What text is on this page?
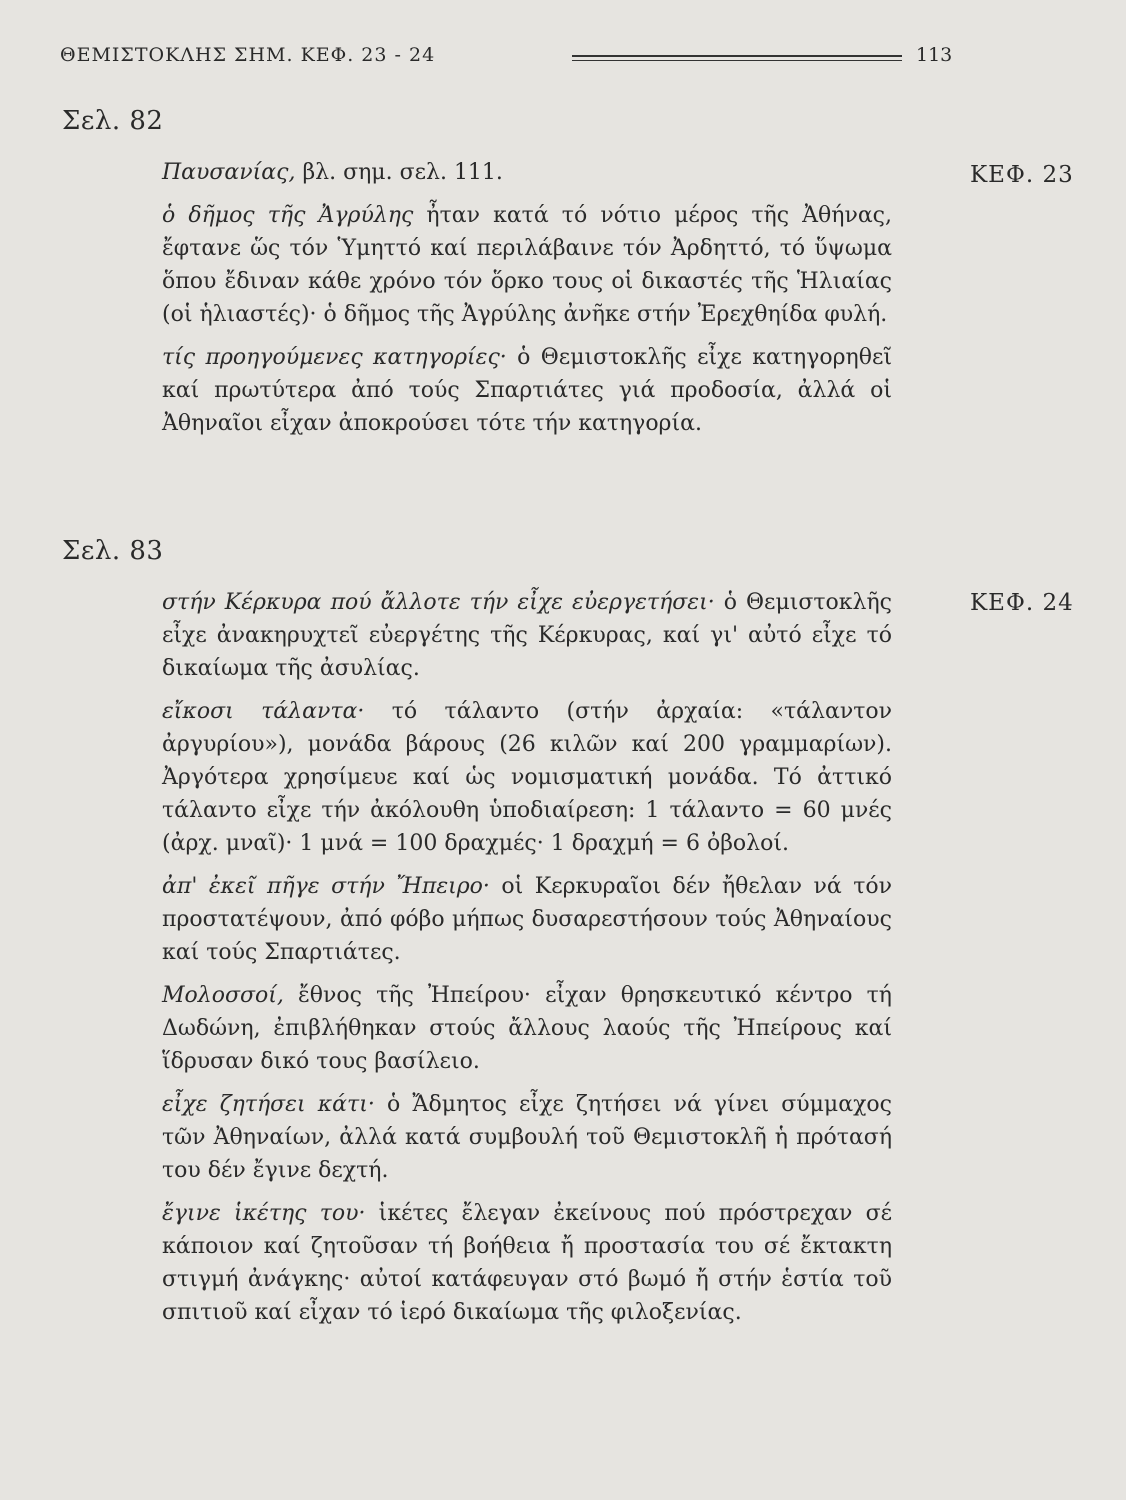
ΘΕΜΙΣΤΟΚΛΗΣ ΣΗΜ. ΚΕΦ. 23 - 24	113
Σελ. 82
ΚΕΦ. 23

Παυσανίας, βλ. σημ. σελ. 111.

ὁ δῆμος τῆς Ἀγρύλης ἦταν κατά τό νότιο μέρος τῆς Ἀθήνας, ἔφτανε ὥς τόν Ὑμηττό καί περιλάβαινε τόν Ἀρδηττό, τό ὕψωμα ὅπου ἔδιναν κάθε χρόνο τόν ὅρκο τους οἱ δικαστές τῆς Ἡλιαίας (οἱ ἡλιαστές)· ὁ δῆμος τῆς Ἀγρύλης ἀνῆκε στήν Ἐρεχθηίδα φυλή.

τίς προηγούμενες κατηγορίες· ὁ Θεμιστοκλῆς εἶχε κατηγορηθεῖ καί πρωτύτερα ἀπό τούς Σπαρτιάτες γιά προδοσία, ἀλλά οἱ Ἀθηναῖοι εἶχαν ἀποκρούσει τότε τήν κατηγορία.

Σελ. 83
ΚΕΦ. 24

στήν Κέρκυρα πού ἄλλοτε τήν εἶχε εὐεργετήσει· ὁ Θεμιστοκλῆς εἶχε ἀνακηρυχτεῖ εὐεργέτης τῆς Κέρκυρας, καί γι' αὐτό εἶχε τό δικαίωμα τῆς ἀσυλίας.

εἴκοσι τάλαντα· τό τάλαντο (στήν ἀρχαία: «τάλαντον ἀργυρίου»), μονάδα βάρους (26 κιλῶν καί 200 γραμμαρίων). Ἀργότερα χρησίμευε καί ὡς νομισματική μονάδα. Τό ἀττικό τάλαντο εἶχε τήν ἀκόλουθη ὑποδιαίρεση: 1 τάλαντο = 60 μνές (ἀρχ. μναῖ)· 1 μνά = 100 δραχμές· 1 δραχμή = 6 ὀβολοί.

ἀπ' ἐκεῖ πῆγε στήν Ἤπειρο· οἱ Κερκυραῖοι δέν ἤθελαν νά τόν προστατέψουν, ἀπό φόβο μήπως δυσαρεστήσουν τούς Ἀθηναίους καί τούς Σπαρτιάτες.

Μολοσσοί, ἔθνος τῆς Ἠπείρου· εἶχαν θρησκευτικό κέντρο τή Δωδώνη, ἐπιβλήθηκαν στούς ἄλλους λαούς τῆς Ἠπείρους καί ἵδρυσαν δικό τους βασίλειο.

εἶχε ζητήσει κάτι· ὁ Ἄδμητος εἶχε ζητήσει νά γίνει σύμμαχος τῶν Ἀθηναίων, ἀλλά κατά συμβουλή τοῦ Θεμιστοκλῆ ἡ πρότασή του δέν ἔγινε δεχτή.

ἔγινε ἱκέτης του· ἱκέτες ἔλεγαν ἐκείνους πού πρόστρεχαν σέ κάποιον καί ζητοῦσαν τή βοήθεια ἤ προστασία του σέ ἔκτακτη στιγμή ἀνάγκης· αὐτοί κατάφευγαν στό βωμό ἤ στήν ἑστία τοῦ σπιτιοῦ καί εἶχαν τό ἱερό δικαίωμα τῆς φιλοξενίας.
